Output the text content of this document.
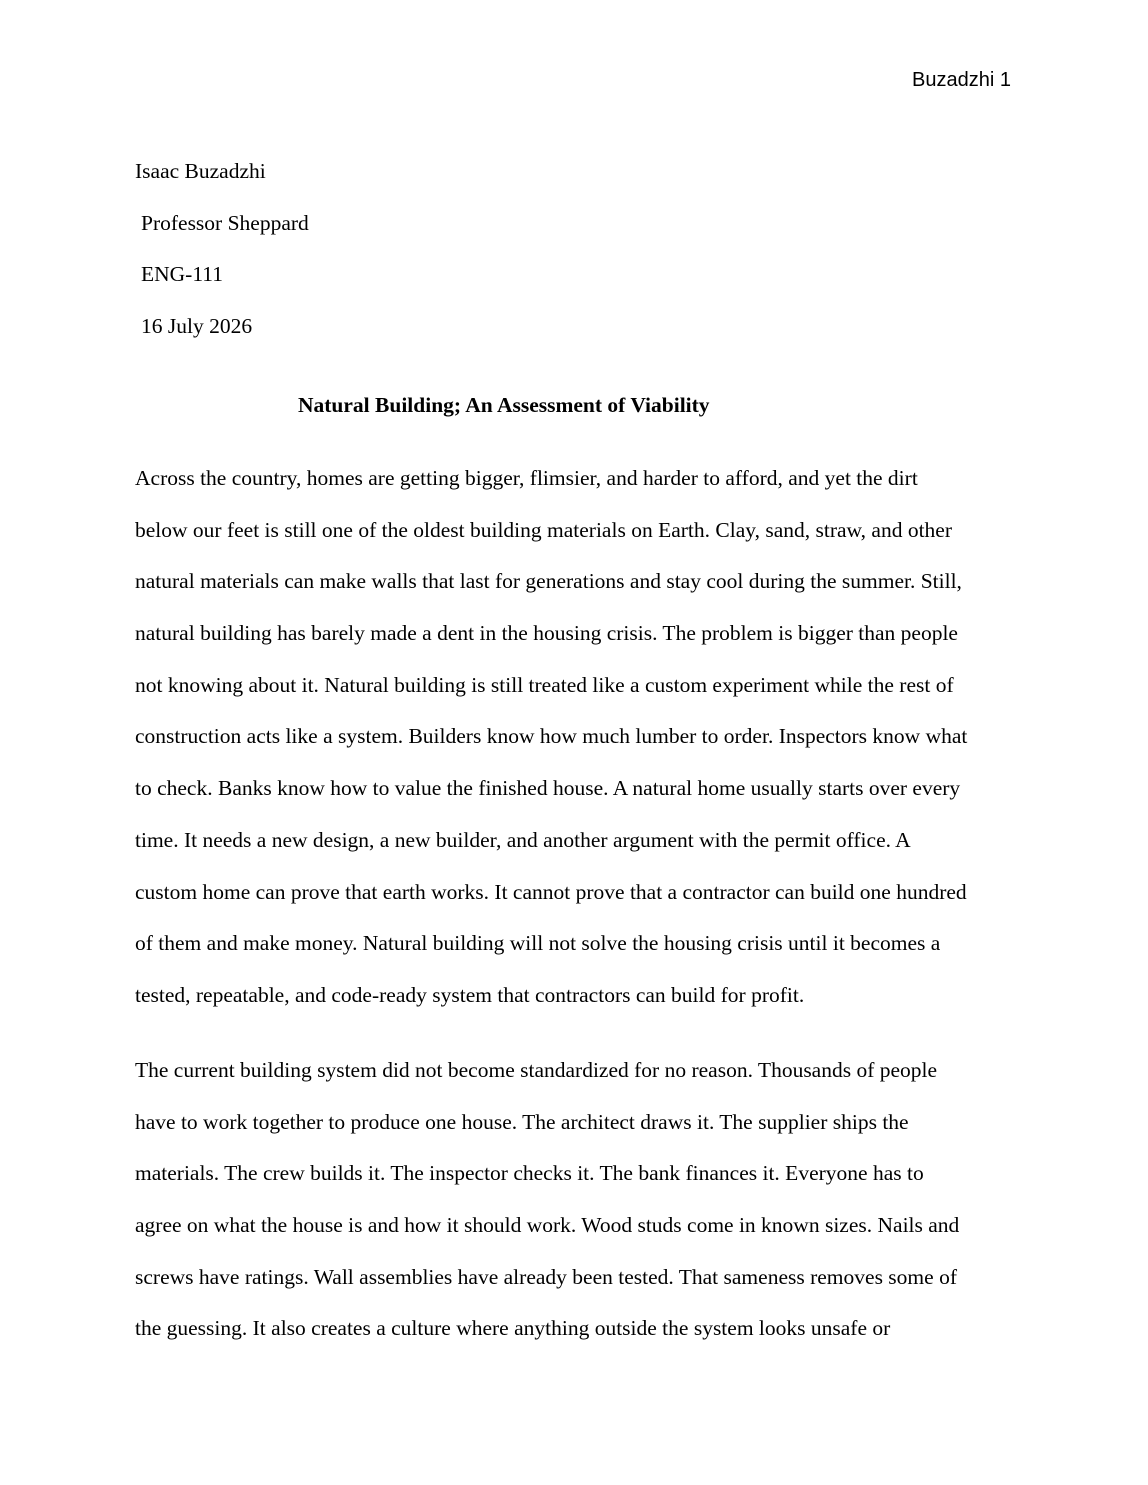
Buzadzhi 1
Isaac Buzadzhi
Professor Sheppard
ENG-111
16 July 2026
Natural Building; An Assessment of Viability
Across the country, homes are getting bigger, flimsier, and harder to afford, and yet the dirt
below our feet is still one of the oldest building materials on Earth. Clay, sand, straw, and other
natural materials can make walls that last for generations and stay cool during the summer. Still,
natural building has barely made a dent in the housing crisis. The problem is bigger than people
not knowing about it. Natural building is still treated like a custom experiment while the rest of
construction acts like a system. Builders know how much lumber to order. Inspectors know what
to check. Banks know how to value the finished house. A natural home usually starts over every
time. It needs a new design, a new builder, and another argument with the permit office. A
custom home can prove that earth works. It cannot prove that a contractor can build one hundred
of them and make money. Natural building will not solve the housing crisis until it becomes a
tested, repeatable, and code-ready system that contractors can build for profit.
The current building system did not become standardized for no reason. Thousands of people
have to work together to produce one house. The architect draws it. The supplier ships the
materials. The crew builds it. The inspector checks it. The bank finances it. Everyone has to
agree on what the house is and how it should work. Wood studs come in known sizes. Nails and
screws have ratings. Wall assemblies have already been tested. That sameness removes some of
the guessing. It also creates a culture where anything outside the system looks unsafe or
